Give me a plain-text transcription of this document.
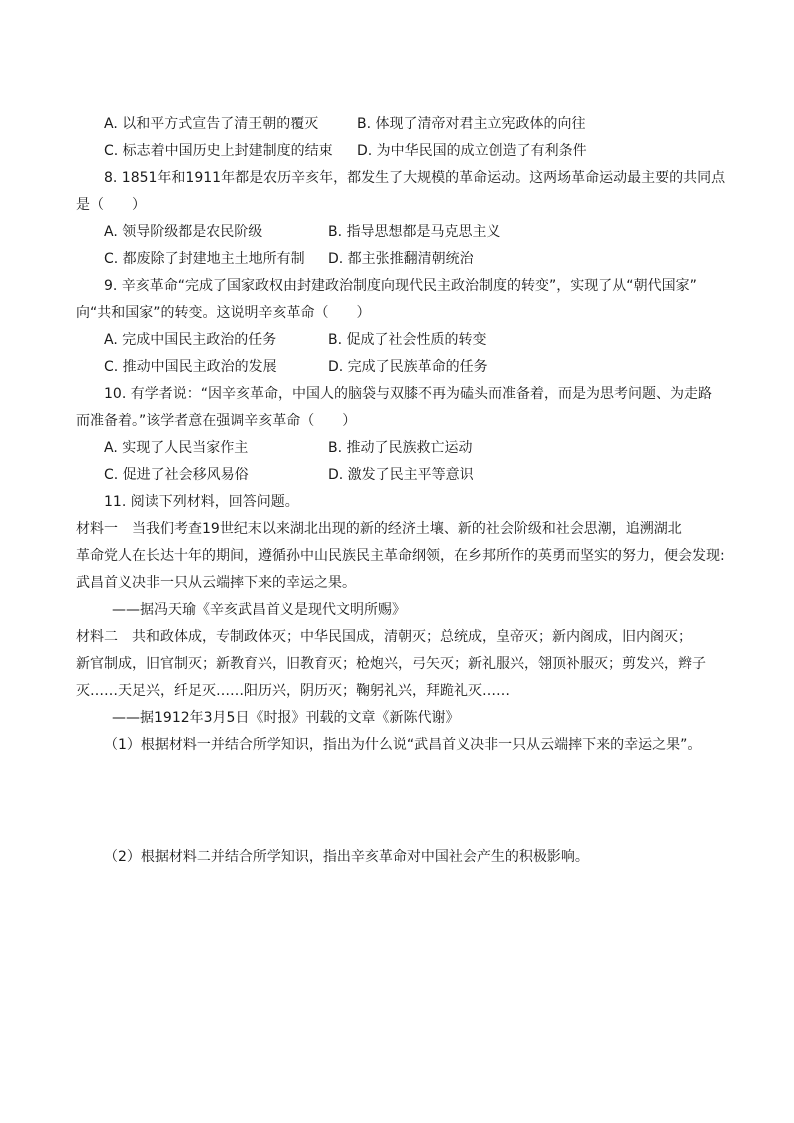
A. 以和平方式宣告了清王朝的覆灭	B. 体现了清帝对君主立宪政体的向往
C. 标志着中国历史上封建制度的结束 D. 为中华民国的成立创造了有利条件
8. 1851年和1911年都是农历辛亥年，都发生了大规模的革命运动。这两场革命运动最主要的共同点
是（　　）
A. 领导阶级都是农民阶级	B. 指导思想都是马克思主义
C. 都废除了封建地主土地所有制 D. 都主张推翻清朝统治
9. 辛亥革命“完成了国家政权由封建政治制度向现代民主政治制度的转变”，实现了从“朝代国家”
向“共和国家”的转变。这说明辛亥革命（　　）
A. 完成中国民主政治的任务	B. 促成了社会性质的转变
C. 推动中国民主政治的发展	D. 完成了民族革命的任务
10. 有学者说：“因辛亥革命，中国人的脑袋与双膝不再为磕头而准备着，而是为思考问题、为走路
而准备着。”该学者意在强调辛亥革命（　　）
A. 实现了人民当家作主	B. 推动了民族救亡运动
C. 促进了社会移风易俗	D. 激发了民主平等意识
11. 阅读下列材料，回答问题。
材料一　当我们考查19世纪末以来湖北出现的新的经济土壤、新的社会阶级和社会思潮，追溯湖北
革命党人在长达十年的期间，遵循孙中山民族民主革命纲领，在乡邦所作的英勇而坚实的努力，便会发现:
武昌首义决非一只从云端摔下来的幸运之果。
——据冯天瑜《辛亥武昌首义是现代文明所赐》
材料二　共和政体成，专制政体灭；中华民国成，清朝灭；总统成，皇帝灭；新内阁成，旧内阁灭；
新官制成，旧官制灭；新教育兴，旧教育灭；枪炮兴，弓矢灭；新礼服兴，翎顶补服灭；剪发兴，辫子
灭……天足兴，纤足灭……阳历兴，阴历灭；鞠躬礼兴，拜跪礼灭……
——据1912年3月5日《时报》刊载的文章《新陈代谢》
（1）根据材料一并结合所学知识，指出为什么说“武昌首义决非一只从云端摔下来的幸运之果”。
（2）根据材料二并结合所学知识，指出辛亥革命对中国社会产生的积极影响。
